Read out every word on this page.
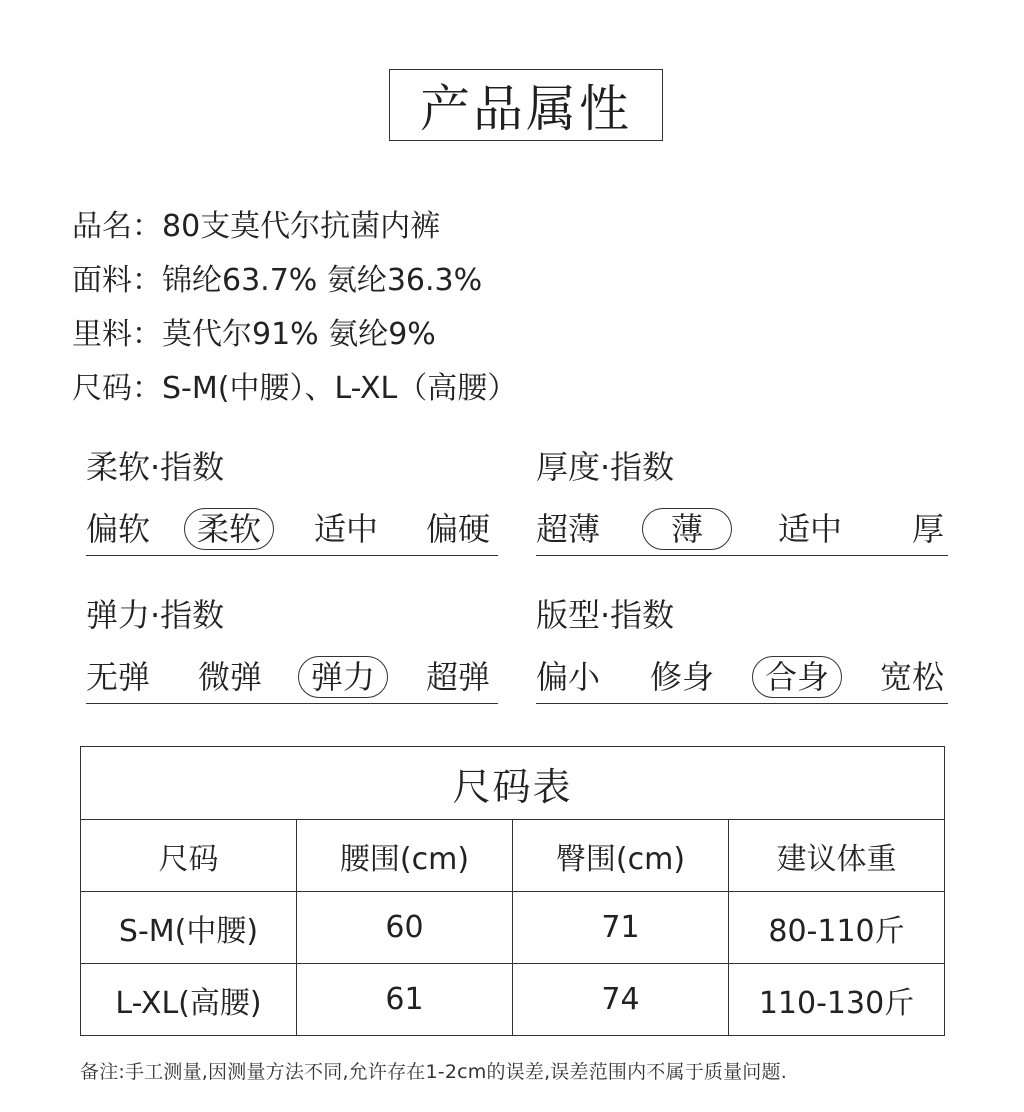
产品属性
品名：80支莫代尔抗菌内裤
面料：锦纶63.7% 氨纶36.3%
里料：莫代尔91% 氨纶9%
尺码：S-M(中腰）、L-XL（高腰）
柔软·指数
偏软	柔软	适中 偏硬
厚度·指数
超薄	薄	适中 厚
弹力·指数
无弹 微弹	弹力	超弹
版型·指数
偏小 修身	合身	宽松
尺码表			
尺码	腰围(cm)	臀围(cm)	建议体重
S-M(中腰)	60	71	80-110斤
L-XL(高腰)	61	74	110-130斤
备注:手工测量,因测量方法不同,允许存在1-2cm的误差,误差范围内不属于质量问题.
